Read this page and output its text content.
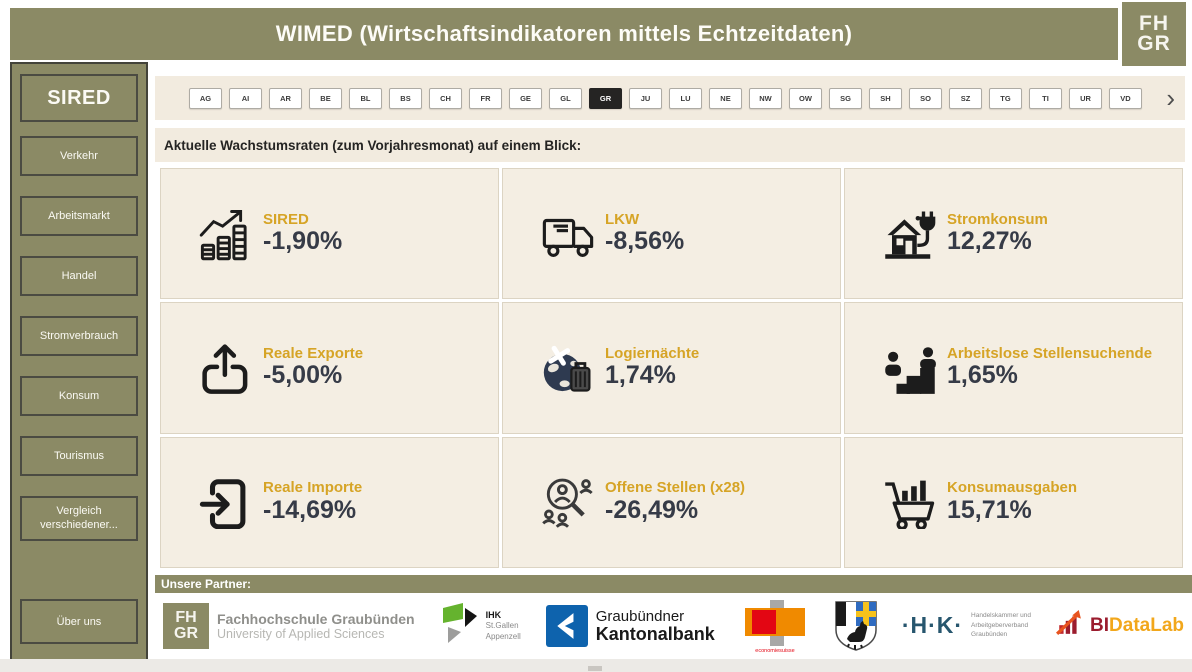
WIMED (Wirtschaftsindikatoren mittels Echtzeitdaten)	FH
GR
SIRED
Verkehr
Arbeitsmarkt
Handel
Stromverbrauch
Konsum
Tourismus
Vergleich verschiedener...
Über uns
AG	AI	AR	BE	BL	BS	CH	FR	GE	GL	GR	JU	LU	NE	NW	OW	SG	SH	SO	SZ	TG	TI	UR	VD	›
Aktuelle Wachstumsraten (zum Vorjahresmonat) auf einem Blick:
SIRED
-1,90%
LKW
-8,56%
Stromkonsum
12,27%
Reale Exporte
-5,00%
Logiernächte
1,74%
Arbeitslose Stellensuchende
1,65%
Reale Importe
-14,69%
Offene Stellen (x28)
-26,49%
Konsumausgaben
15,71%
Unsere Partner:
FH
GR
Fachhochschule Graubünden
University of Applied Sciences
IHK
St.Gallen
Appenzell
Graubündner
Kantonalbank
economiesuisse
·H·K· Handelskammer und
Arbeitgeberverband
Graubünden	BIDataLab
